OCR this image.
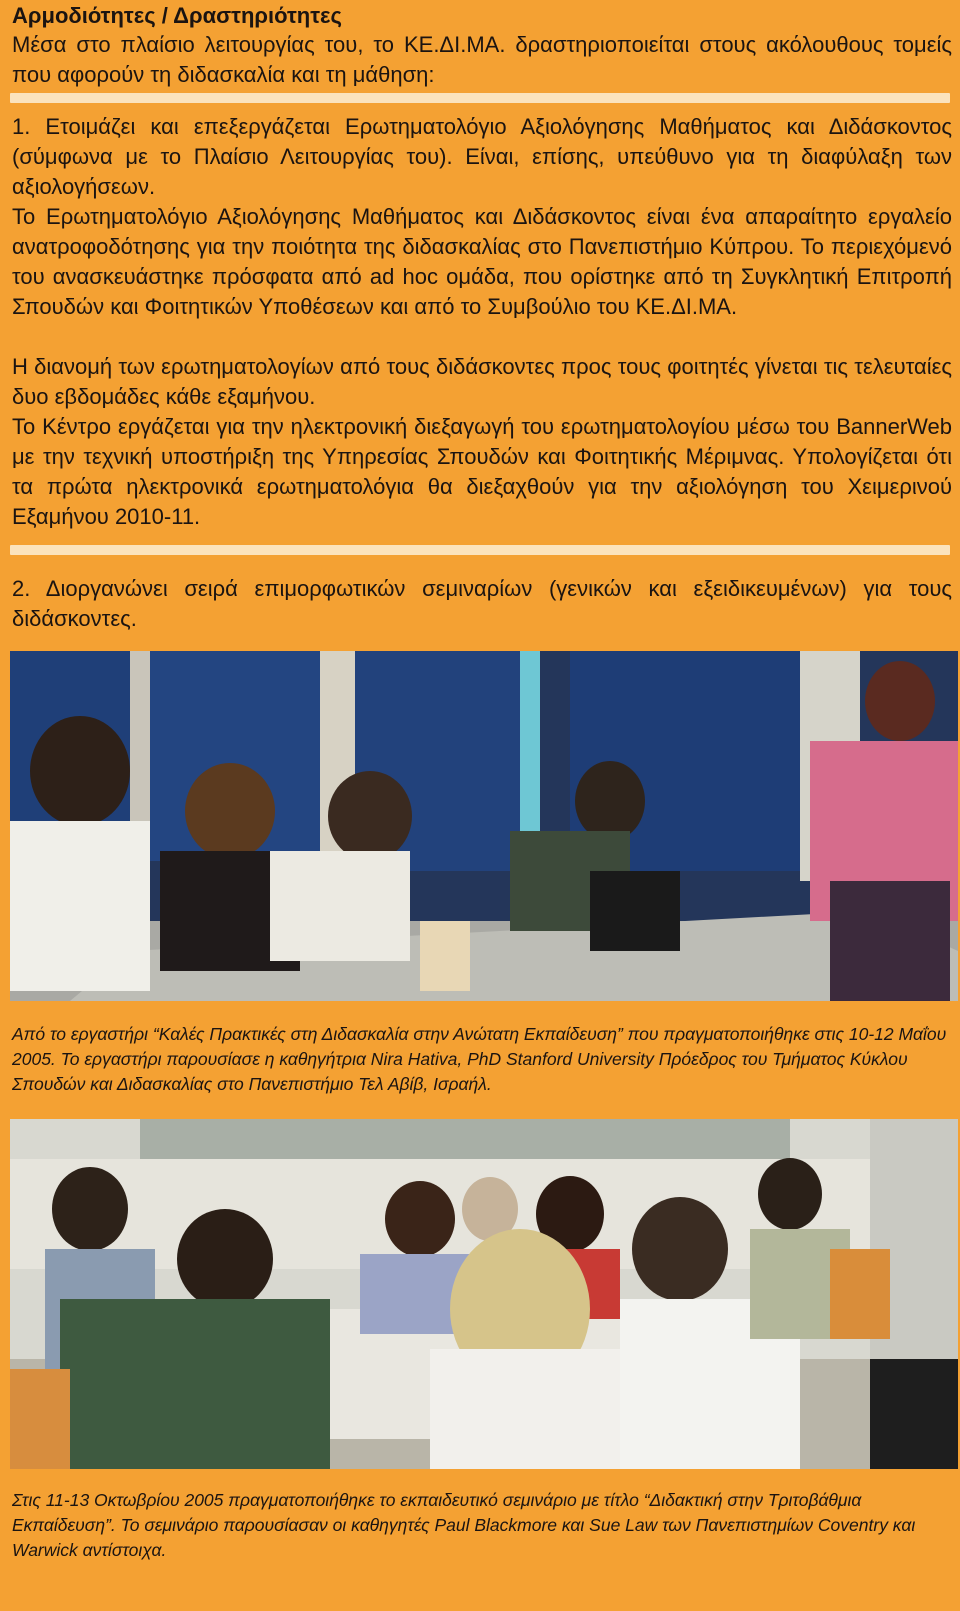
Αρμοδιότητες / Δραστηριότητες

Μέσα στο πλαίσιο λειτουργίας του, το ΚΕ.ΔΙ.ΜΑ. δραστηριοποιείται στους ακόλουθους τομείς που αφορούν τη διδασκαλία και τη μάθηση:

1. Ετοιμάζει και επεξεργάζεται Ερωτηματολόγιο Αξιολόγησης Μαθήματος και Διδάσκοντος (σύμφωνα με το Πλαίσιο Λειτουργίας του). Είναι, επίσης, υπεύθυνο για τη διαφύλαξη των αξιολογήσεων.

Το Ερωτηματολόγιο Αξιολόγησης Μαθήματος και Διδάσκοντος είναι ένα απαραίτητο εργαλείο ανατροφοδότησης για την ποιότητα της διδασκαλίας στο Πανεπιστήμιο Κύπρου. Το περιεχόμενό του ανασκευάστηκε πρόσφατα από ad hoc ομάδα, που ορίστηκε από τη Συγκλητική Επιτροπή Σπουδών και Φοιτητικών Υποθέσεων και από το Συμβούλιο του ΚΕ.ΔΙ.ΜΑ.

Η διανομή των ερωτηματολογίων από τους διδάσκοντες προς τους φοιτητές γίνεται τις τελευταίες δυο εβδομάδες κάθε εξαμήνου.

Το Κέντρο εργάζεται για την ηλεκτρονική διεξαγωγή του ερωτηματολογίου μέσω του BannerWeb με την τεχνική υποστήριξη της Υπηρεσίας Σπουδών και Φοιτητικής Μέριμνας. Υπολογίζεται ότι τα πρώτα ηλεκτρονικά ερωτηματολόγια θα διεξαχθούν για την αξιολόγηση του Χειμερινού Εξαμήνου 2010-11.

2. Διοργανώνει σειρά επιμορφωτικών σεμιναρίων (γενικών και εξειδικευμένων) για τους διδάσκοντες.

Από το εργαστήρι “Καλές Πρακτικές στη Διδασκαλία στην Ανώτατη Εκπαίδευση” που πραγματοποιήθηκε στις 10-12 Μαΐου 2005. Το εργαστήρι παρουσίασε η καθηγήτρια Nira Hativa, PhD Stanford University Πρόεδρος του Τμήματος Κύκλου Σπουδών και Διδασκαλίας στο Πανεπιστήμιο Τελ Αβίβ, Ισραήλ.

Στις 11-13 Οκτωβρίου 2005 πραγματοποιήθηκε το εκπαιδευτικό σεμινάριο με τίτλο “Διδακτική στην Τριτοβάθμια Εκπαίδευση”. Το σεμινάριο παρουσίασαν οι καθηγητές Paul Blackmore και Sue Law των Πανεπιστημίων Coventry και Warwick αντίστοιχα.
